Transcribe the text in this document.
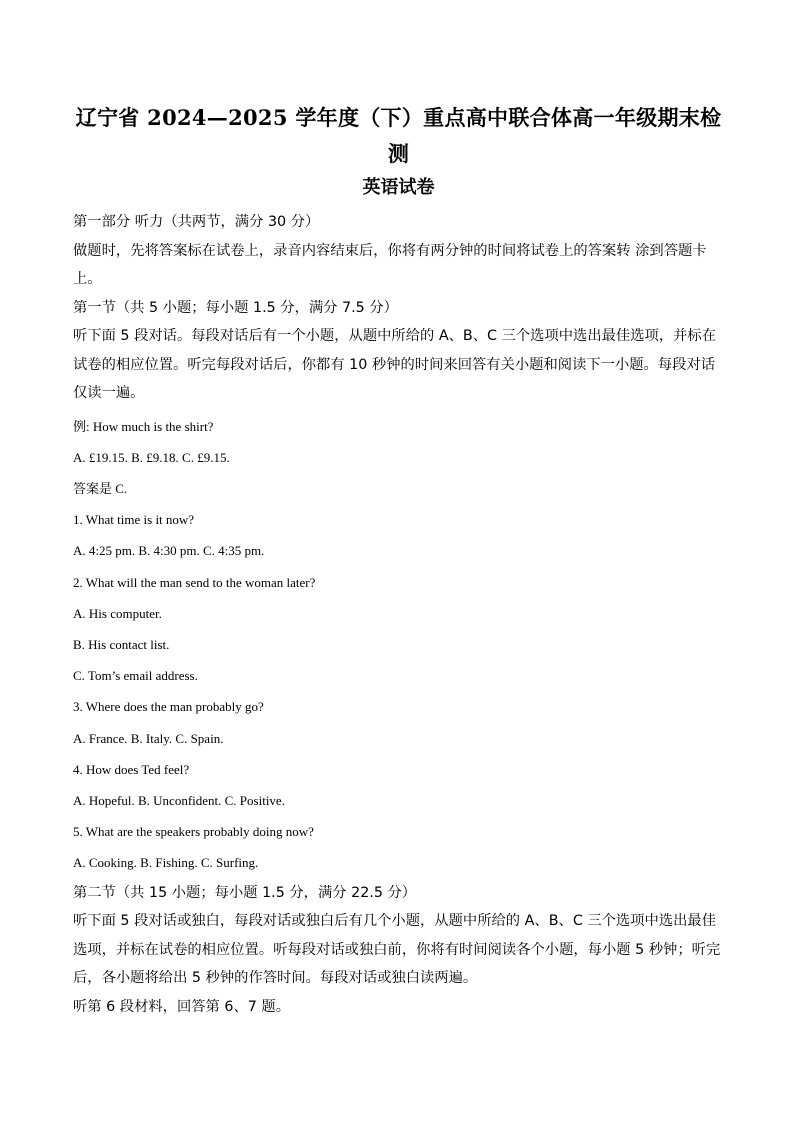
辽宁省 2024—2025 学年度（下）重点高中联合体高一年级期末检测
英语试卷

第一部分 听力（共两节，满分 30 分）

做题时，先将答案标在试卷上，录音内容结束后，你将有两分钟的时间将试卷上的答案转 涂到答题卡上。

第一节（共 5 小题；每小题 1.5 分，满分 7.5 分）

听下面 5 段对话。每段对话后有一个小题，从题中所给的 A、B、C 三个选项中选出最佳选项，并标在试卷的相应位置。听完每段对话后，你都有 10 秒钟的时间来回答有关小题和阅读下一小题。每段对话仅读一遍。

例: How much is the shirt?

A. £19.15. B. £9.18. C. £9.15.

答案是 C.

1. What time is it now?

A. 4:25 pm. B. 4:30 pm. C. 4:35 pm.

2. What will the man send to the woman later?

A. His computer.

B. His contact list.

C. Tom’s email address.

3. Where does the man probably go?

A. France. B. Italy. C. Spain.

4. How does Ted feel?

A. Hopeful. B. Unconfident. C. Positive.

5. What are the speakers probably doing now?

A. Cooking. B. Fishing. C. Surfing.

第二节（共 15 小题；每小题 1.5 分，满分 22.5 分）

听下面 5 段对话或独白，每段对话或独白后有几个小题，从题中所给的 A、B、C 三个选项中选出最佳选项，并标在试卷的相应位置。听每段对话或独白前，你将有时间阅读各个小题，每小题 5 秒钟；听完后，各小题将给出 5 秒钟的作答时间。每段对话或独白读两遍。

听第 6 段材料，回答第 6、7 题。
